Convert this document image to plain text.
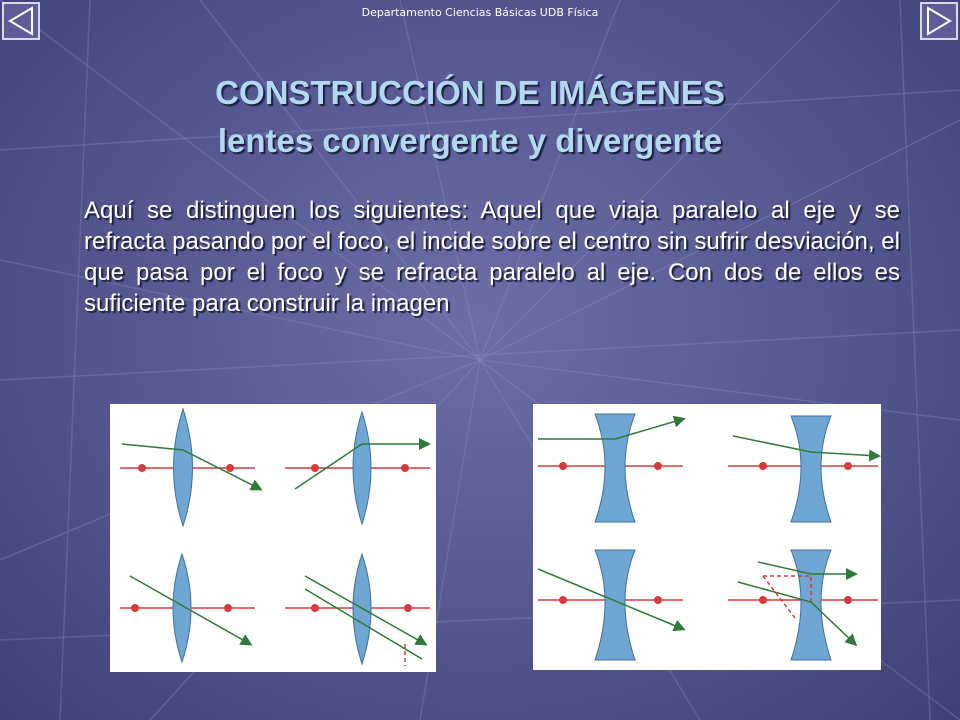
Departamento Ciencias Básicas UDB Física
CONSTRUCCIÓN DE IMÁGENES
lentes convergente y divergente
Aquí se distinguen los siguientes: Aquel que viaja paralelo al eje y se refracta pasando por el foco, el incide sobre el centro sin sufrir desviación, el que pasa por el foco y se refracta paralelo al eje. Con dos de ellos es suficiente para construir la imagen
